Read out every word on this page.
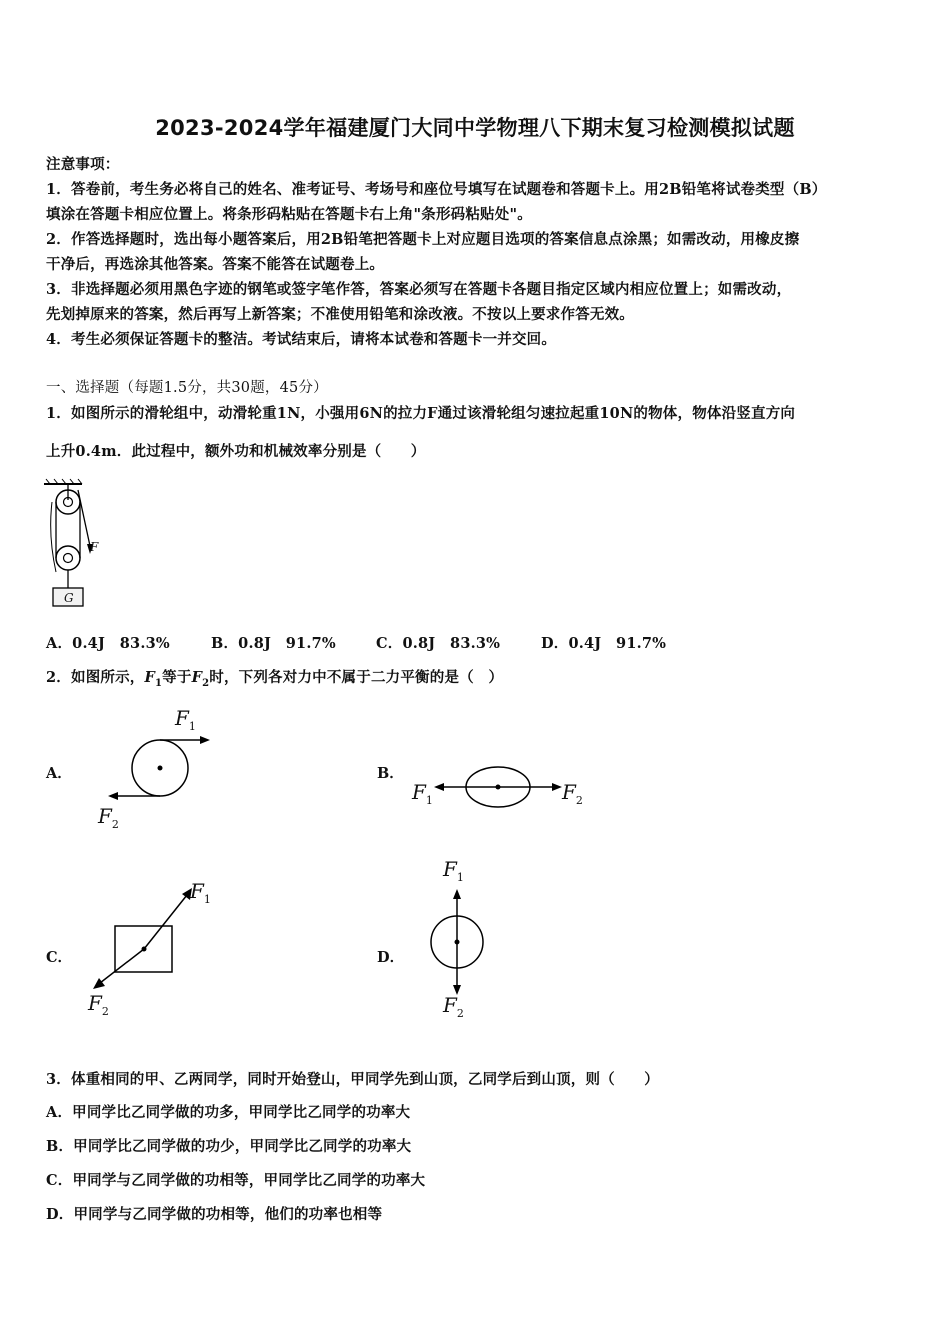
2023-2024学年福建厦门大同中学物理八下期末复习检测模拟试题
注意事项：
1．答卷前，考生务必将自己的姓名、准考证号、考场号和座位号填写在试题卷和答题卡上。用2B铅笔将试卷类型（B）
填涂在答题卡相应位置上。将条形码粘贴在答题卡右上角"条形码粘贴处"。
2．作答选择题时，选出每小题答案后，用2B铅笔把答题卡上对应题目选项的答案信息点涂黑；如需改动，用橡皮擦
干净后，再选涂其他答案。答案不能答在试题卷上。
3．非选择题必须用黑色字迹的钢笔或签字笔作答，答案必须写在答题卡各题目指定区域内相应位置上；如需改动，
先划掉原来的答案，然后再写上新答案；不准使用铅笔和涂改液。不按以上要求作答无效。
4．考生必须保证答题卡的整洁。考试结束后，请将本试卷和答题卡一并交回。
一、选择题（每题1.5分，共30题，45分）
1．如图所示的滑轮组中，动滑轮重1N，小强用6N的拉力F通过该滑轮组匀速拉起重10N的物体，物体沿竖直方向
上升0.4m．此过程中，额外功和机械效率分别是（　　）
F
G
A．0.4J　83.3%	B．0.8J　91.7%	C．0.8J　83.3%	D．0.4J　91.7%
2．如图所示，$F_1$等于$F_2$时，下列各对力中不属于二力平衡的是（　）
A．
$F_1$
$F_2$
B．
$F_1$	$F_2$
C．
$F_1$
$F_2$
D．
$F_1$
$F_2$
3．体重相同的甲、乙两同学，同时开始登山，甲同学先到山顶，乙同学后到山顶，则（　　）
A．甲同学比乙同学做的功多，甲同学比乙同学的功率大
B．甲同学比乙同学做的功少，甲同学比乙同学的功率大
C．甲同学与乙同学做的功相等，甲同学比乙同学的功率大
D．甲同学与乙同学做的功相等，他们的功率也相等
